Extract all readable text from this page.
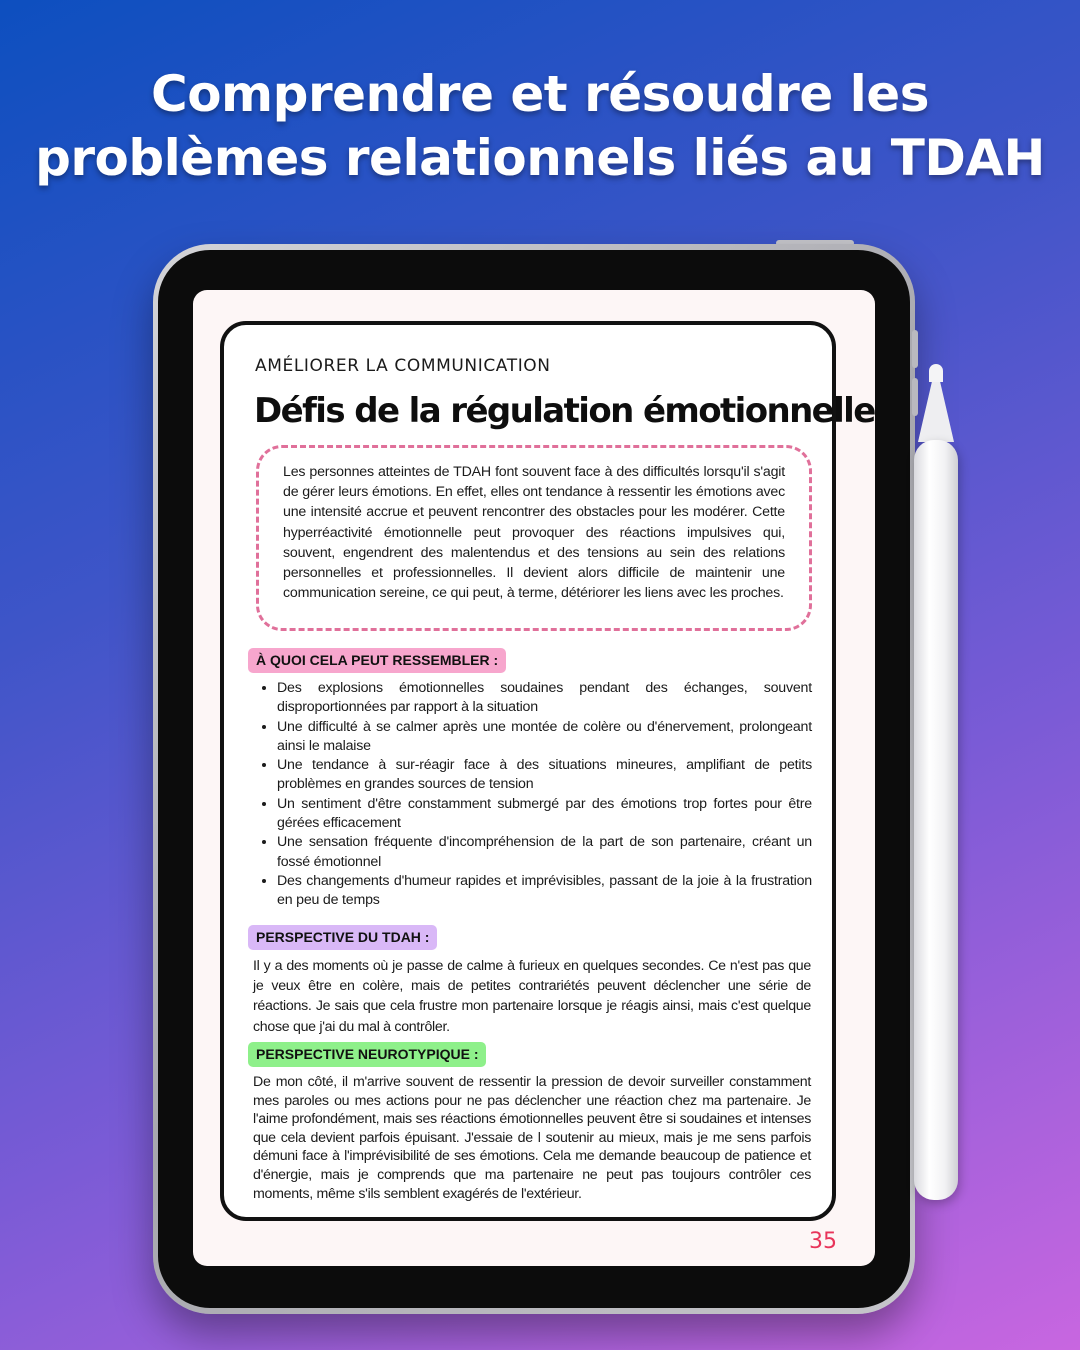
Comprendre et résoudre les
problèmes relationnels liés au TDAH
AMÉLIORER LA COMMUNICATION
Défis de la régulation émotionnelle
Les personnes atteintes de TDAH font souvent face à des difficultés lorsqu'il s'agit de gérer leurs émotions. En effet, elles ont tendance à ressentir les émotions avec une intensité accrue et peuvent rencontrer des obstacles pour les modérer. Cette hyperréactivité émotionnelle peut provoquer des réactions impulsives qui, souvent, engendrent des malentendus et des tensions au sein des relations personnelles et professionnelles. Il devient alors difficile de maintenir une communication sereine, ce qui peut, à terme, détériorer les liens avec les proches.
À QUOI CELA PEUT RESSEMBLER :
• Des explosions émotionnelles soudaines pendant des échanges, souvent disproportionnées par rapport à la situation
• Une difficulté à se calmer après une montée de colère ou d'énervement, prolongeant ainsi le malaise
• Une tendance à sur-réagir face à des situations mineures, amplifiant de petits problèmes en grandes sources de tension
• Un sentiment d'être constamment submergé par des émotions trop fortes pour être gérées efficacement
• Une sensation fréquente d'incompréhension de la part de son partenaire, créant un fossé émotionnel
• Des changements d'humeur rapides et imprévisibles, passant de la joie à la frustration en peu de temps
PERSPECTIVE DU TDAH :
Il y a des moments où je passe de calme à furieux en quelques secondes. Ce n'est pas que je veux être en colère, mais de petites contrariétés peuvent déclencher une série de réactions. Je sais que cela frustre mon partenaire lorsque je réagis ainsi, mais c'est quelque chose que j'ai du mal à contrôler.
PERSPECTIVE NEUROTYPIQUE :
De mon côté, il m'arrive souvent de ressentir la pression de devoir surveiller constamment mes paroles ou mes actions pour ne pas déclencher une réaction chez ma partenaire. Je l'aime profondément, mais ses réactions émotionnelles peuvent être si soudaines et intenses que cela devient parfois épuisant. J'essaie de l soutenir au mieux, mais je me sens parfois démuni face à l'imprévisibilité de ses émotions. Cela me demande beaucoup de patience et d'énergie, mais je comprends que ma partenaire ne peut pas toujours contrôler ces moments, même s'ils semblent exagérés de l'extérieur.
35
